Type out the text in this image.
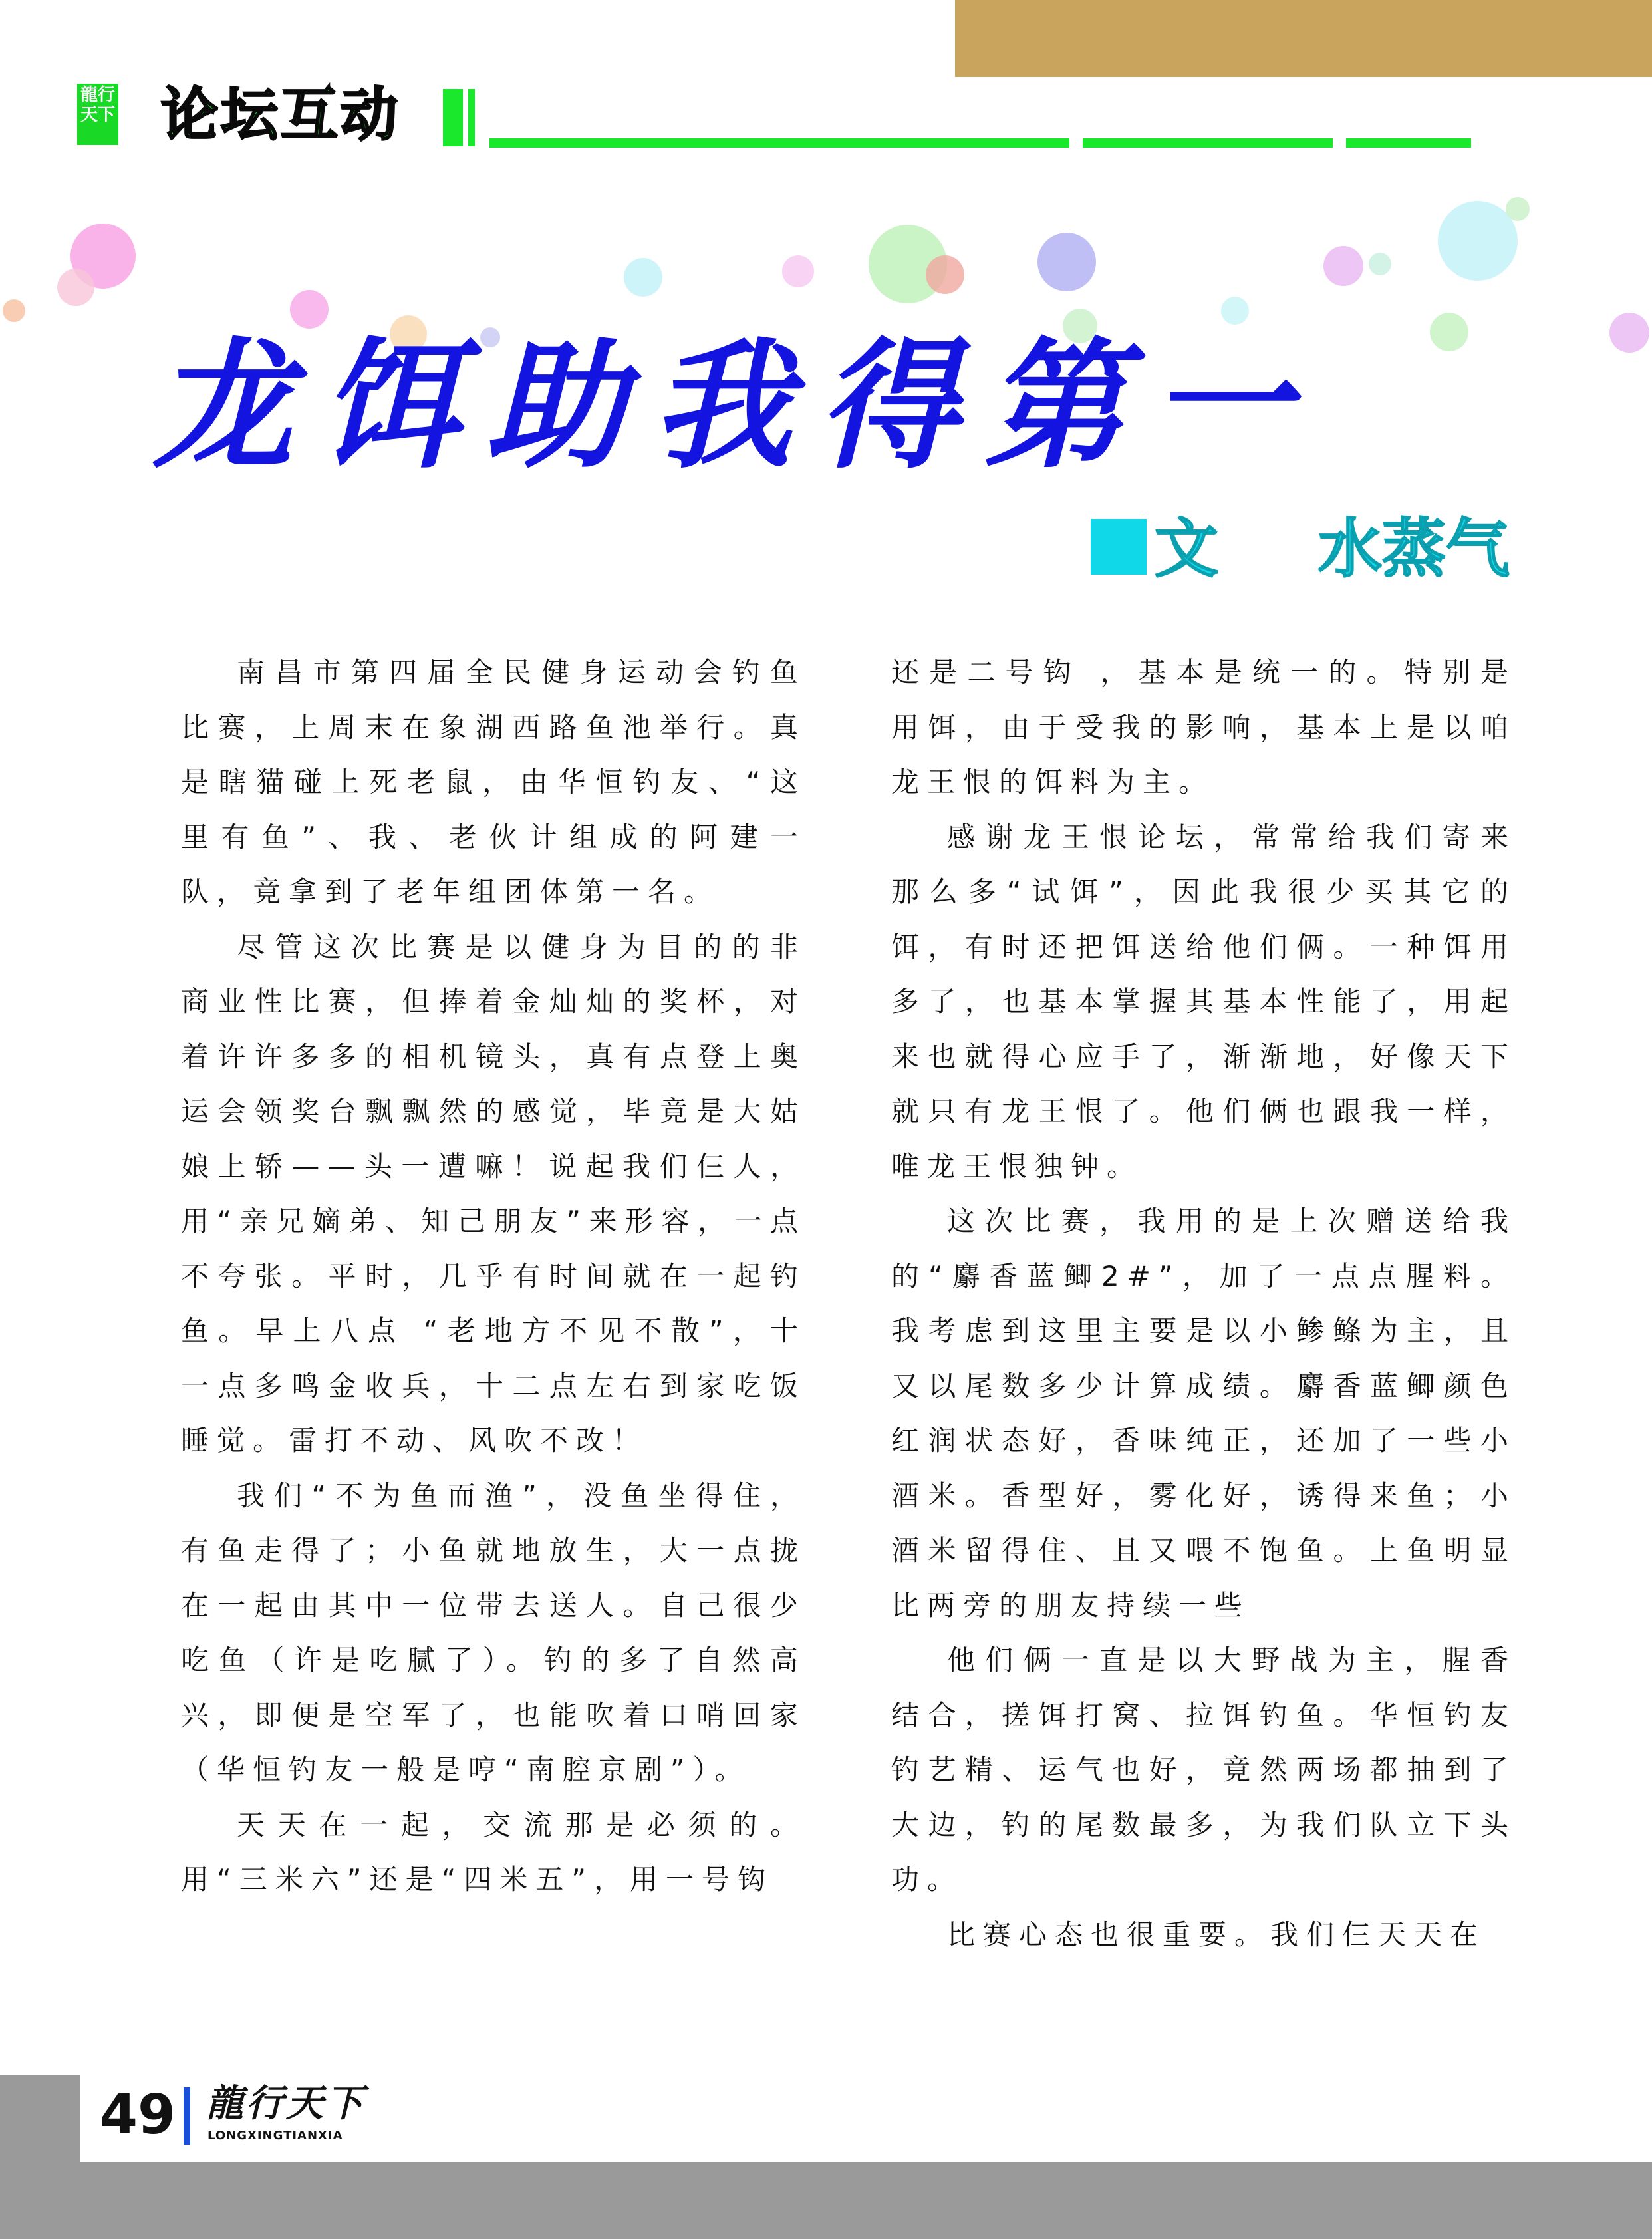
龍行
天下 论坛互动
龙饵助我得第一
文 水蒸气

南昌市第四届全民健身运动会钓鱼比赛，上周末在象湖西路鱼池举行。真是瞎猫碰上死老鼠，由华恒钓友、“这里有鱼”、我、老伙计组成的阿建一队，竟拿到了老年组团体第一名。

尽管这次比赛是以健身为目的的非商业性比赛，但捧着金灿灿的奖杯，对着许许多多的相机镜头，真有点登上奥运会领奖台飘飘然的感觉，毕竟是大姑娘上轿——头一遭嘛！说起我们仨人，用“亲兄嫡弟、知己朋友”来形容，一点不夸张。平时，几乎有时间就在一起钓鱼。早上八点 “老地方不见不散”，十一点多鸣金收兵，十二点左右到家吃饭睡觉。雷打不动、风吹不改！

我们“不为鱼而渔”，没鱼坐得住，有鱼走得了；小鱼就地放生，大一点拢在一起由其中一位带去送人。自己很少吃鱼（许是吃腻了）。钓的多了自然高兴，即便是空军了，也能吹着口哨回家（华恒钓友一般是哼“南腔京剧”）。

天天在一起，交流那是必须的。用“三米六”还是“四米五”，用一号钩

还是二号钩 ，基本是统一的。特别是用饵，由于受我的影响，基本上是以咱龙王恨的饵料为主。

感谢龙王恨论坛，常常给我们寄来那么多“试饵”，因此我很少买其它的饵，有时还把饵送给他们俩。一种饵用多了，也基本掌握其基本性能了，用起来也就得心应手了，渐渐地，好像天下就只有龙王恨了。他们俩也跟我一样，唯龙王恨独钟。

这次比赛，我用的是上次赠送给我的“麝香蓝鲫2#”，加了一点点腥料。我考虑到这里主要是以小鲹鲦为主，且又以尾数多少计算成绩。麝香蓝鲫颜色红润状态好，香味纯正，还加了一些小酒米。香型好，雾化好，诱得来鱼；小酒米留得住、且又喂不饱鱼。上鱼明显比两旁的朋友持续一些

他们俩一直是以大野战为主，腥香结合，搓饵打窝、拉饵钓鱼。华恒钓友钓艺精、运气也好，竟然两场都抽到了大边，钓的尾数最多，为我们队立下头功。

比赛心态也很重要。我们仨天天在

49 龍行天下
LONGXINGTIANXIA
